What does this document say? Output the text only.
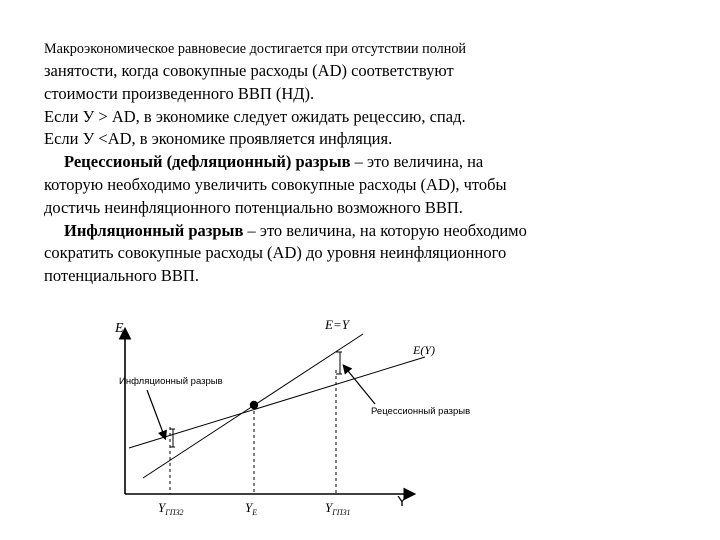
Макроэкономическое равновесие достигается при отсутствии полной
занятости, когда совокупные расходы (AD) соответствуют
стоимости произведенного ВВП (НД).
Если У > AD, в экономике следует ожидать рецессию, спад.
Если У <AD, в экономике проявляется инфляция.
Рецессионый (дефляционный) разрыв – это величина, на
которую необходимо увеличить совокупные расходы (AD), чтобы
достичь неинфляционного потенциально возможного ВВП.
Инфляционный разрыв – это величина, на которую необходимо
сократить совокупные расходы (AD) до уровня неинфляционного
потенциального ВВП.
E
Y
E=Y
E(Y)
Инфляционный разрыв
Рецессионный разрыв
$Y_{ГПЗ2}$	$Y_E$	$Y_{ГПЗ1}$
